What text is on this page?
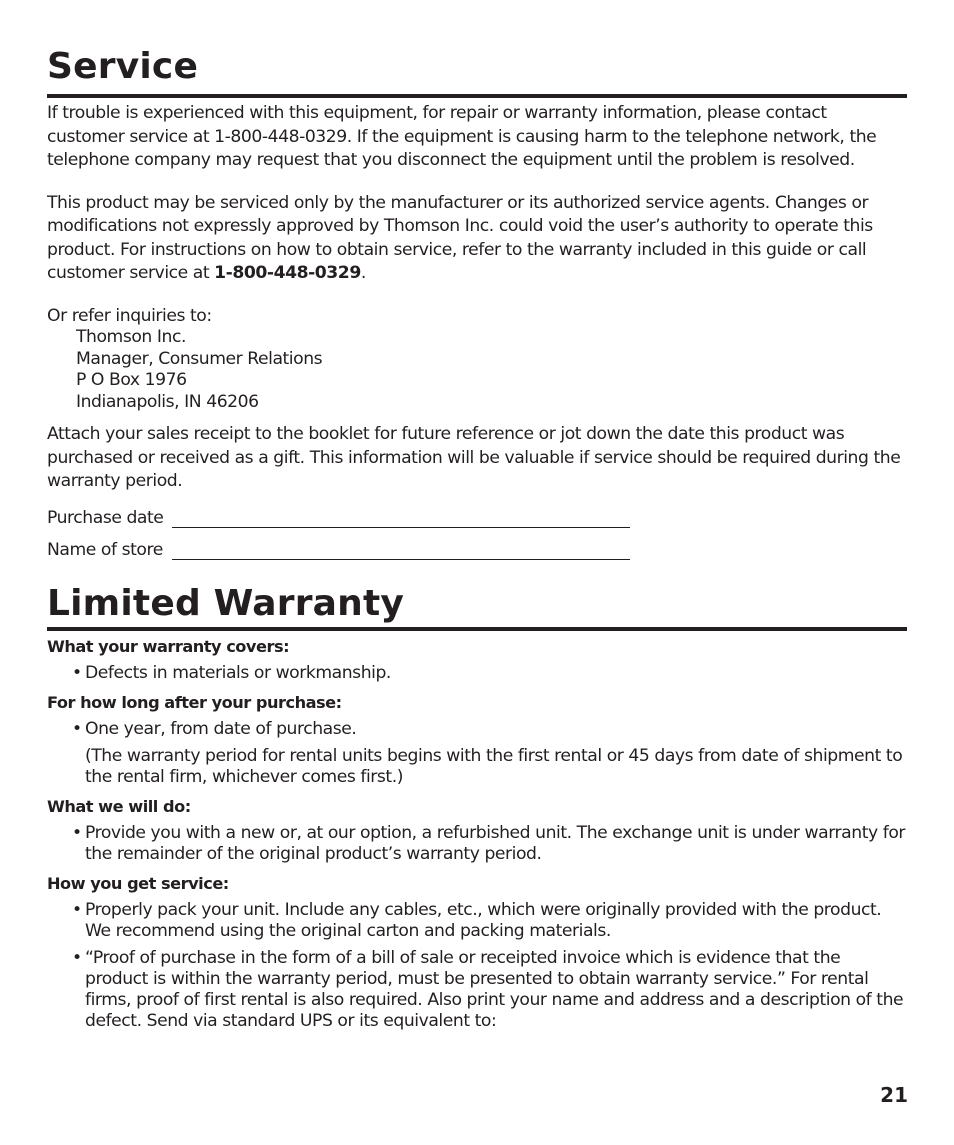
Service

If trouble is experienced with this equipment, for repair or warranty information, please contact customer service at 1-800-448-0329. If the equipment is causing harm to the telephone network, the telephone company may request that you disconnect the equipment until the problem is resolved.

This product may be serviced only by the manufacturer or its authorized service agents. Changes or modifications not expressly approved by Thomson Inc. could void the user’s authority to operate this product. For instructions on how to obtain service, refer to the warranty included in this guide or call customer service at 1-800-448-0329.

Or refer inquiries to:

Thomson Inc.
Manager, Consumer Relations
P O Box 1976
Indianapolis, IN 46206

Attach your sales receipt to the booklet for future reference or jot down the date this product was purchased or received as a gift. This information will be valuable if service should be required during the warranty period.

Purchase date
Name of store
Limited Warranty
What your warranty covers:
• Defects in materials or workmanship.
For how long after your purchase:
• One year, from date of purchase.
(The warranty period for rental units begins with the first rental or 45 days from date of shipment to the rental firm, whichever comes first.)
What we will do:
• Provide you with a new or, at our option, a refurbished unit. The exchange unit is under warranty for the remainder of the original product’s warranty period.
How you get service:
• Properly pack your unit. Include any cables, etc., which were originally provided with the product. We recommend using the original carton and packing materials.
• “Proof of purchase in the form of a bill of sale or receipted invoice which is evidence that the product is within the warranty period, must be presented to obtain warranty service.” For rental firms, proof of first rental is also required. Also print your name and address and a description of the defect. Send via standard UPS or its equivalent to:
21
